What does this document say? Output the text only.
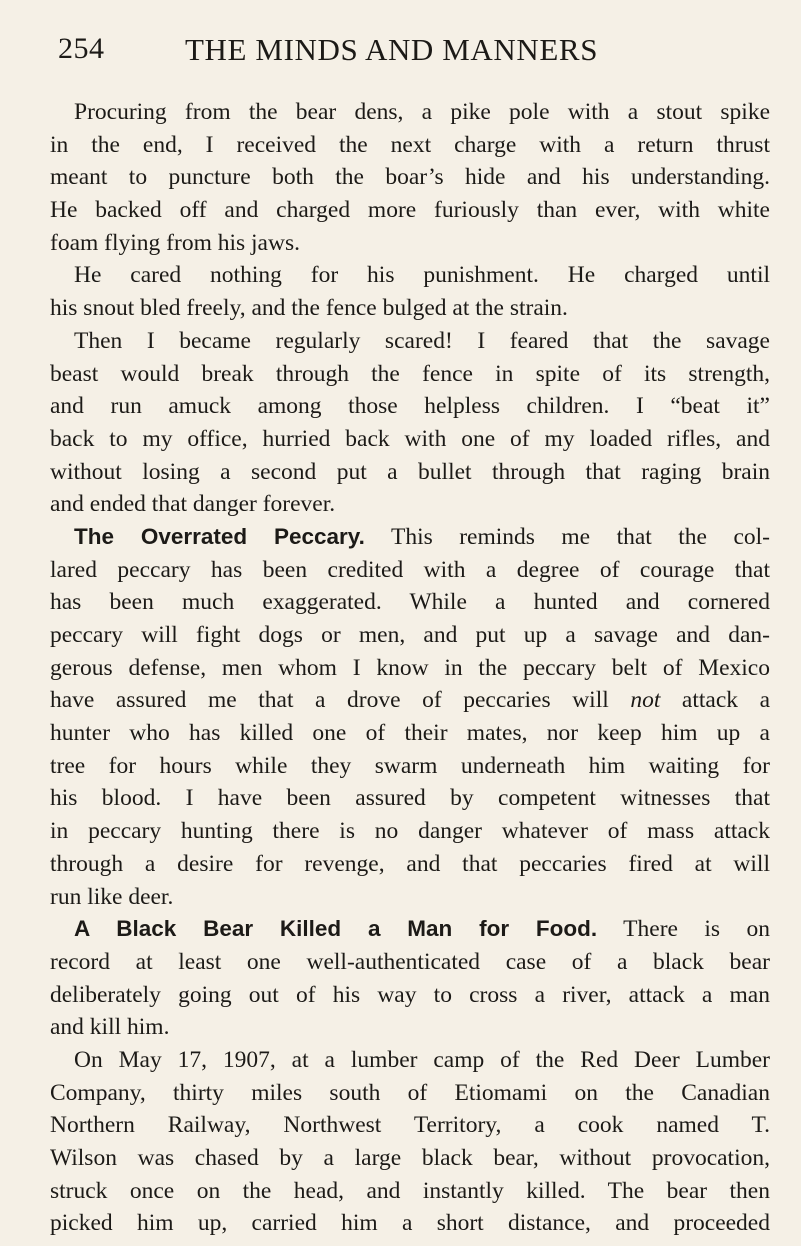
254	THE MINDS AND MANNERS
Procuring from the bear dens, a pike pole with a stout spike
in the end, I received the next charge with a return thrust
meant to puncture both the boar’s hide and his understanding.
He backed off and charged more furiously than ever, with white
foam flying from his jaws.
He cared nothing for his punishment. He charged until
his snout bled freely, and the fence bulged at the strain.
Then I became regularly scared! I feared that the savage
beast would break through the fence in spite of its strength,
and run amuck among those helpless children. I “beat it”
back to my office, hurried back with one of my loaded rifles, and
without losing a second put a bullet through that raging brain
and ended that danger forever.
The Overrated Peccary. This reminds me that the col-
lared peccary has been credited with a degree of courage that
has been much exaggerated. While a hunted and cornered
peccary will fight dogs or men, and put up a savage and dan-
gerous defense, men whom I know in the peccary belt of Mexico
have assured me that a drove of peccaries will not attack a
hunter who has killed one of their mates, nor keep him up a
tree for hours while they swarm underneath him waiting for
his blood. I have been assured by competent witnesses that
in peccary hunting there is no danger whatever of mass attack
through a desire for revenge, and that peccaries fired at will
run like deer.
A Black Bear Killed a Man for Food. There is on
record at least one well-authenticated case of a black bear
deliberately going out of his way to cross a river, attack a man
and kill him.
On May 17, 1907, at a lumber camp of the Red Deer Lumber
Company, thirty miles south of Etiomami on the Canadian
Northern Railway, Northwest Territory, a cook named T.
Wilson was chased by a large black bear, without provocation,
struck once on the head, and instantly killed. The bear then
picked him up, carried him a short distance, and proceeded
